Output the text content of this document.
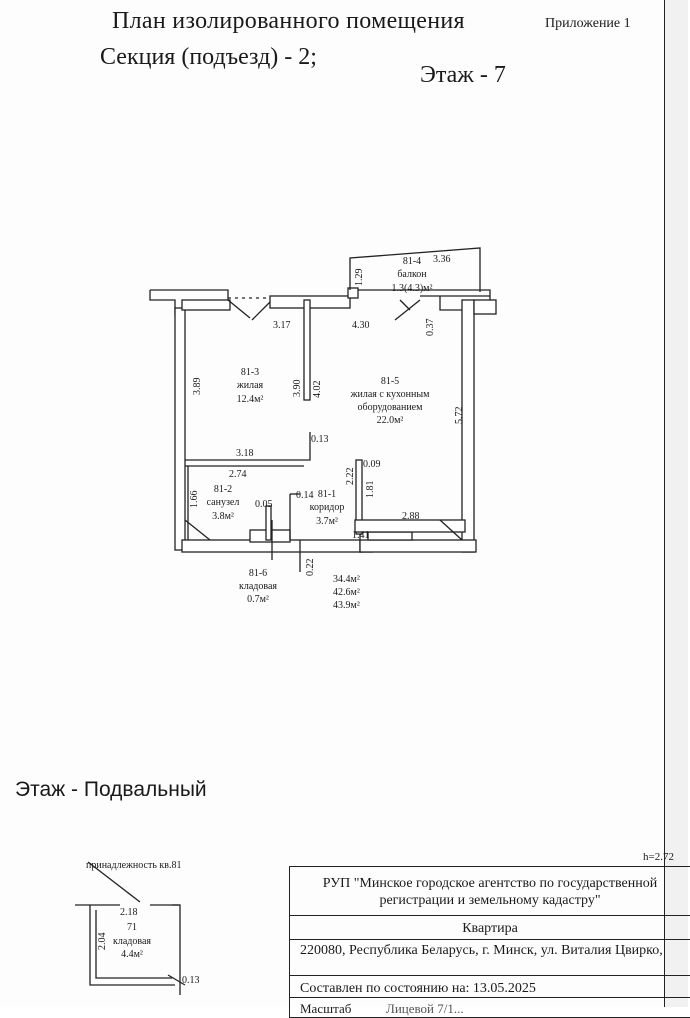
Приложение 1
План изолированного помещения
Секция (подъезд) - 2;
Этаж - 7
81-3
жилая
12.4м²
81-5
жилая с кухонным
оборудованием
22.0м²
81-4
балкон
1.3(4.3)м²
81-2
санузел
3.8м²
81-1
коридор
3.7м²
81-6
кладовая
0.7м²
3.17	4.30
3.89	3.90 4.02
5.72
3.18
0.13
2.74	2.22
0.09
1.81
1.66	0.05
0.14
2.88
1.41
0.22
0.37
1.29
3.36
34.4м²
42.6м²
43.9м²
принадлежность кв.81
2.18
2.04
0.13
71
кладовая
4.4м²
Этаж - Подвальный
h=2.72
РУП "Минское городское агентство по государственной
регистрации и земельному кадастру"
Квартира
220080, Республика Беларусь, г. Минск, ул. Виталия Цвирко,
Составлен по состоянию на: 13.05.2025
Масштаб	Лицевой 7/1...
